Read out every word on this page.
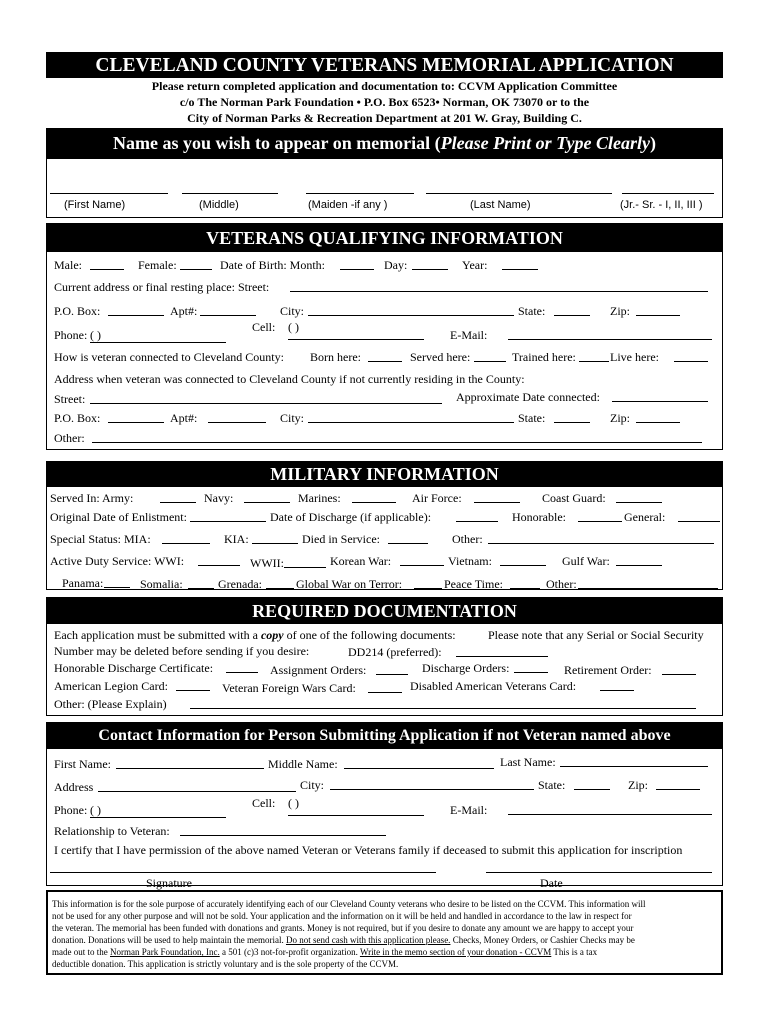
CLEVELAND COUNTY VETERANS MEMORIAL APPLICATION
Please return completed application and documentation to: CCVM Application Committee
c/o The Norman Park Foundation • P.O. Box 6523• Norman, OK 73070 or to the
City of Norman Parks & Recreation Department at 201 W. Gray, Building C.
Name as you wish to appear on memorial (Please Print or Type Clearly)
(First Name)	(Middle)	(Maiden -if any )	(Last Name)	(Jr.- Sr. - I, II, III )
VETERANS QUALIFYING INFORMATION
Male:	Female:	Date of Birth: Month:	Day:	Year:
Current address or final resting place: Street:
P.O. Box:	Apt#:	City:	State:	Zip:
Phone: ( )
Cell: ( )
E-Mail:
How is veteran connected to Cleveland County: Born here:	Served here:	Trained here:	Live here:
Address when veteran was connected to Cleveland County if not currently residing in the County:
Street:	Approximate Date connected:
P.O. Box:	Apt#:	City:	State:	Zip:
Other:
MILITARY INFORMATION
Served In: Army:	Navy:	Marines:	Air Force:	Coast Guard:
Original Date of Enlistment:	Date of Discharge (if applicable):	Honorable:	General:
Special Status: MIA:	KIA:	Died in Service:	Other:
Active Duty Service: WWI:	WWII:	Korean War:	Vietnam:	Gulf War:
Panama:	Somalia:	Grenada:	Global War on Terror:	Peace Time:	Other:
REQUIRED DOCUMENTATION
Each application must be submitted with a copy of one of the following documents:	Please note that any Serial or Social Security
Number may be deleted before sending if you desire:	DD214 (preferred):
Honorable Discharge Certificate:	Assignment Orders:	Discharge Orders:	Retirement Order:
American Legion Card:	Veteran Foreign Wars Card:	Disabled American Veterans Card:
Other: (Please Explain)
Contact Information for Person Submitting Application if not Veteran named above
First Name:	Middle Name:	Last Name:
Address	City:	State:	Zip:
Phone: ( )	Cell: ( )	E-Mail:
Relationship to Veteran:
I certify that I have permission of the above named Veteran or Veterans family if deceased to submit this application for inscription
Signature	Date
This information is for the sole purpose of accurately identifying each of our Cleveland County veterans who desire to be listed on the CCVM. This information will
not be used for any other purpose and will not be sold. Your application and the information on it will be held and handled in accordance to the law in respect for
the veteran. The memorial has been funded with donations and grants. Money is not required, but if you desire to donate any amount we are happy to accept your
donation. Donations will be used to help maintain the memorial. Do not send cash with this application please. Checks, Money Orders, or Cashier Checks may be
made out to the Norman Park Foundation, Inc. a 501 (c)3 not-for-profit organization. Write in the memo section of your donation - CCVM This is a tax
deductible donation. This application is strictly voluntary and is the sole property of the CCVM.
